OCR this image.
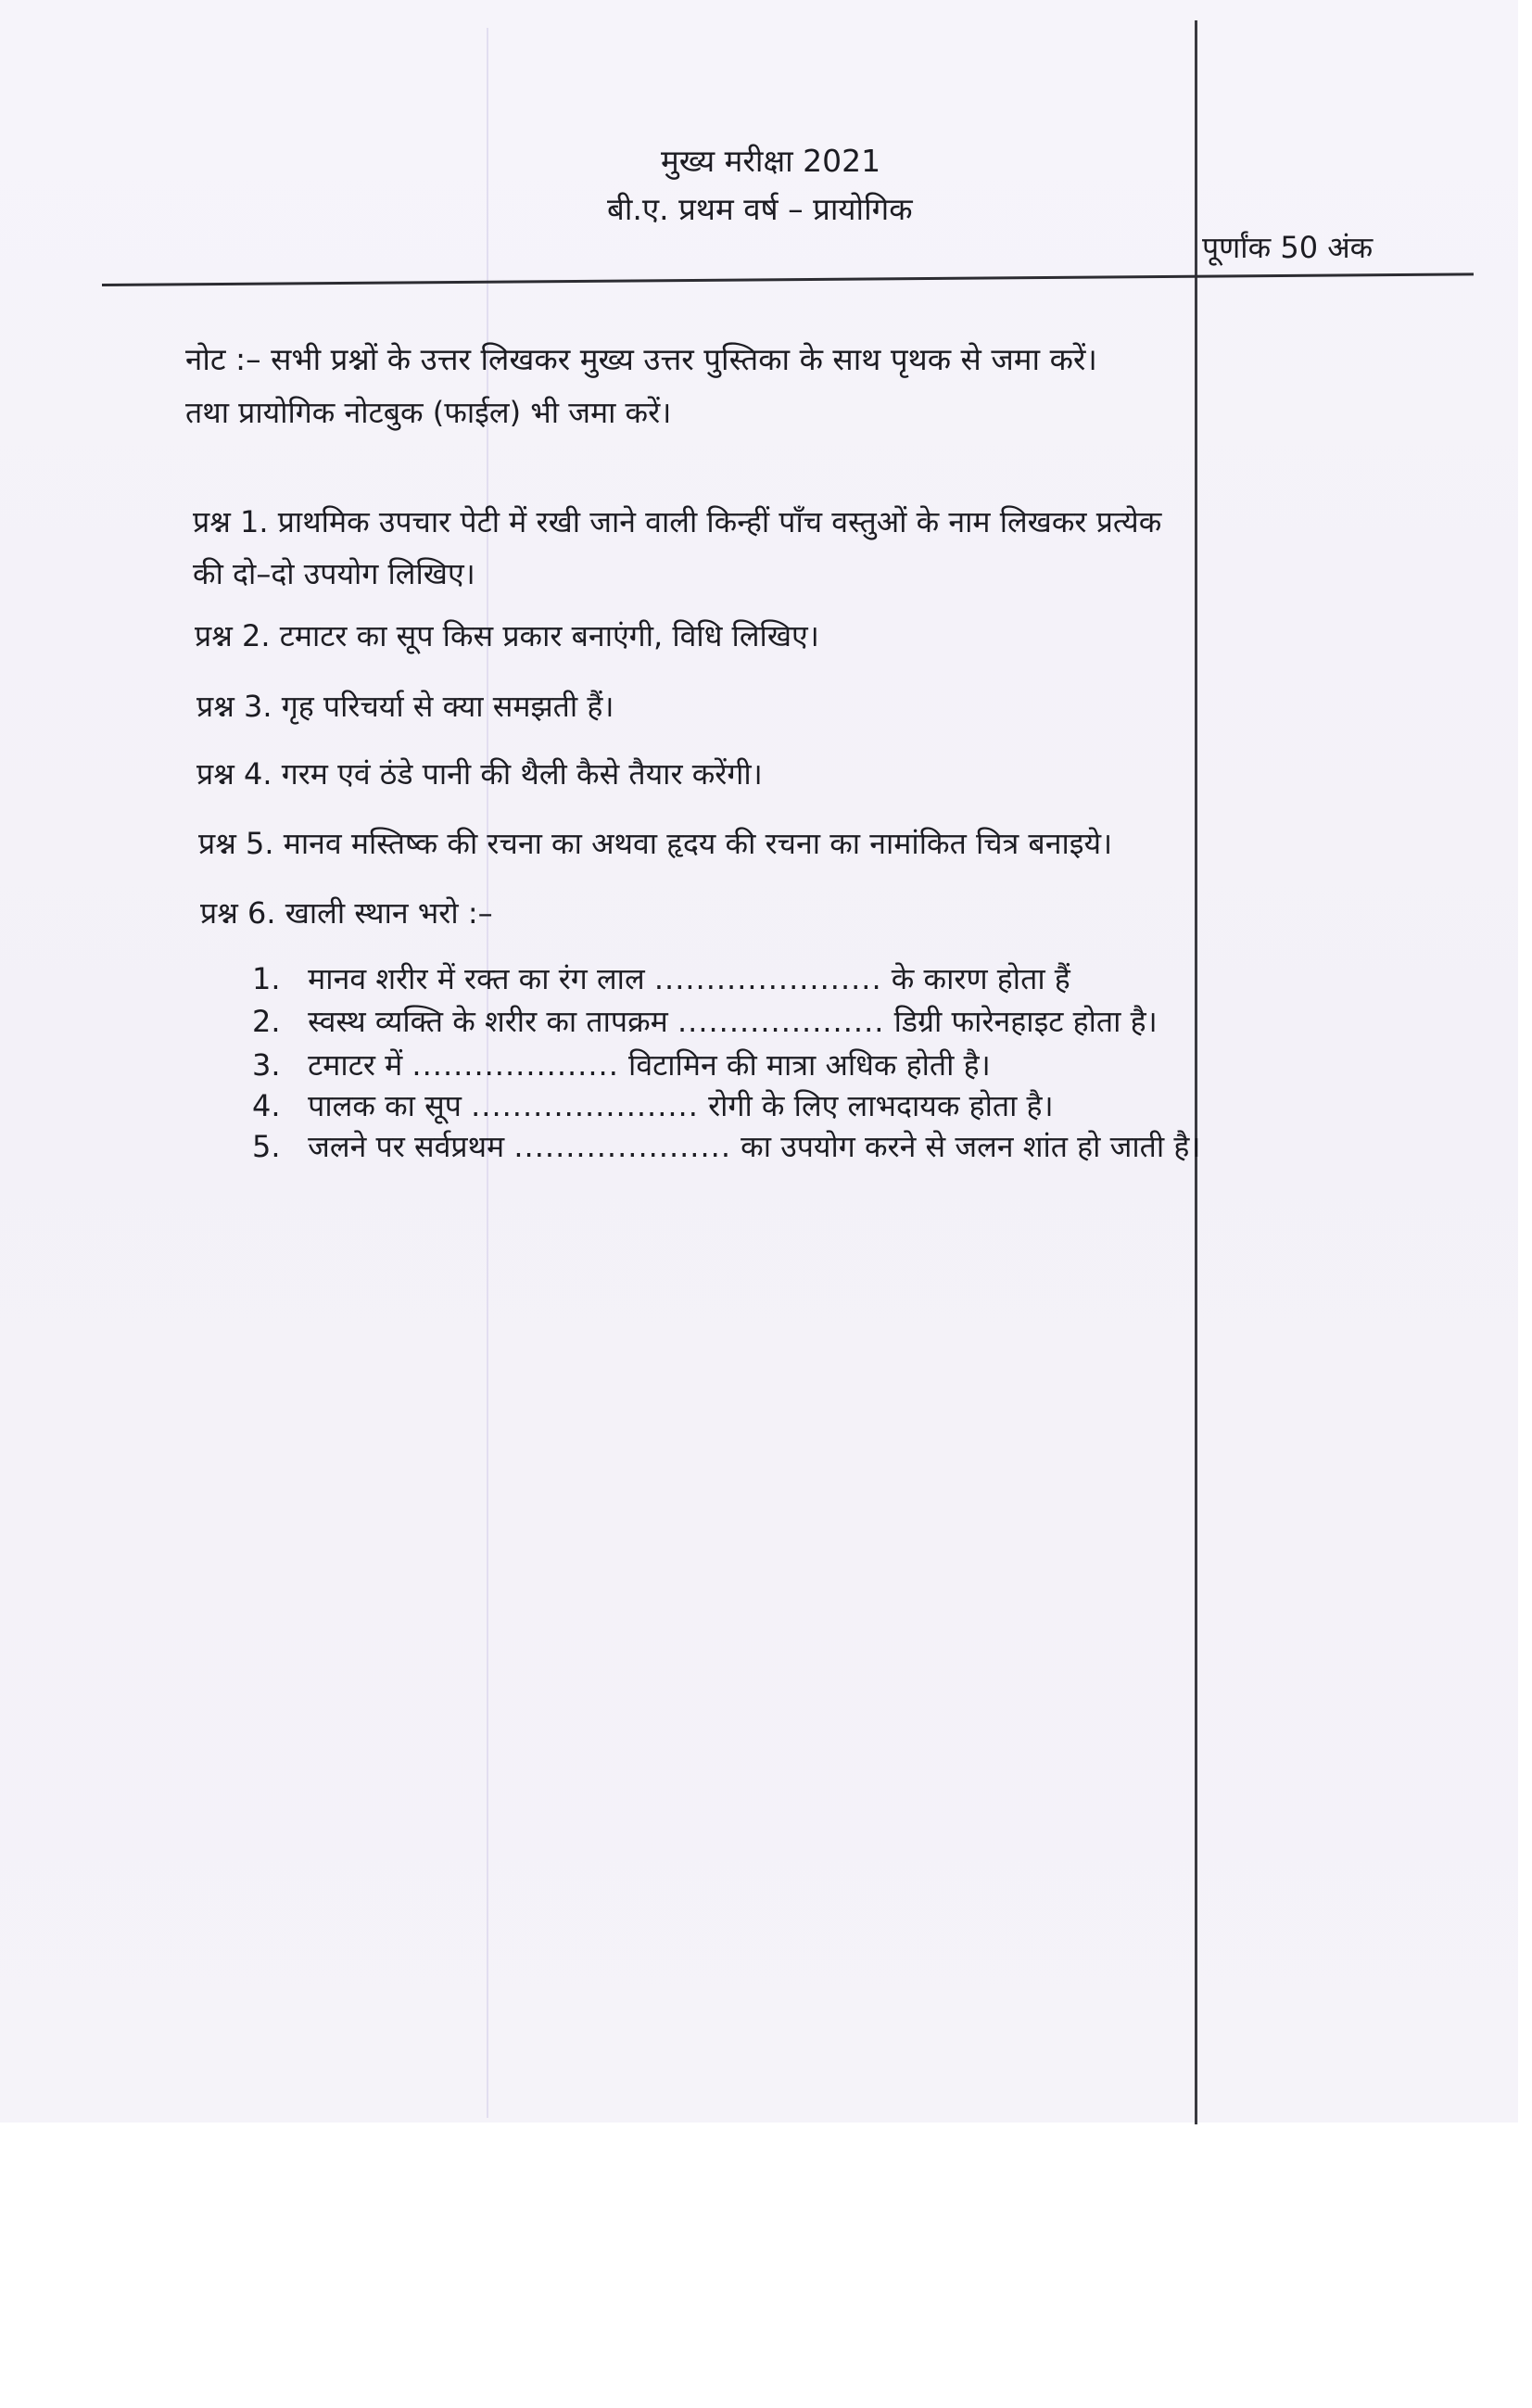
मुख्य मरीक्षा 2021
बी.ए. प्रथम वर्ष – प्रायोगिक
पूर्णांक 50 अंक
नोट :– सभी प्रश्नों के उत्तर लिखकर मुख्य उत्तर पुस्तिका के साथ पृथक से जमा करें।
तथा प्रायोगिक नोटबुक (फाईल) भी जमा करें।
प्रश्न 1. प्राथमिक उपचार पेटी में रखी जाने वाली किन्हीं पाँच वस्तुओं के नाम लिखकर प्रत्येक
की दो–दो उपयोग लिखिए।
प्रश्न 2. टमाटर का सूप किस प्रकार बनाएंगी, विधि लिखिए।
प्रश्न 3. गृह परिचर्या से क्या समझती हैं।
प्रश्न 4. गरम एवं ठंडे पानी की थैली कैसे तैयार करेंगी।
प्रश्न 5. मानव मस्तिष्क की रचना का अथवा हृदय की रचना का नामांकित चित्र बनाइये।
प्रश्न 6. खाली स्थान भरो :–
1. मानव शरीर में रक्त का रंग लाल ...................... के कारण होता हैं
2. स्वस्थ व्यक्ति के शरीर का तापक्रम .................... डिग्री फारेनहाइट होता है।
3. टमाटर में .................... विटामिन की मात्रा अधिक होती है।
4. पालक का सूप ...................... रोगी के लिए लाभदायक होता है।
5. जलने पर सर्वप्रथम ..................... का उपयोग करने से जलन शांत हो जाती है।
